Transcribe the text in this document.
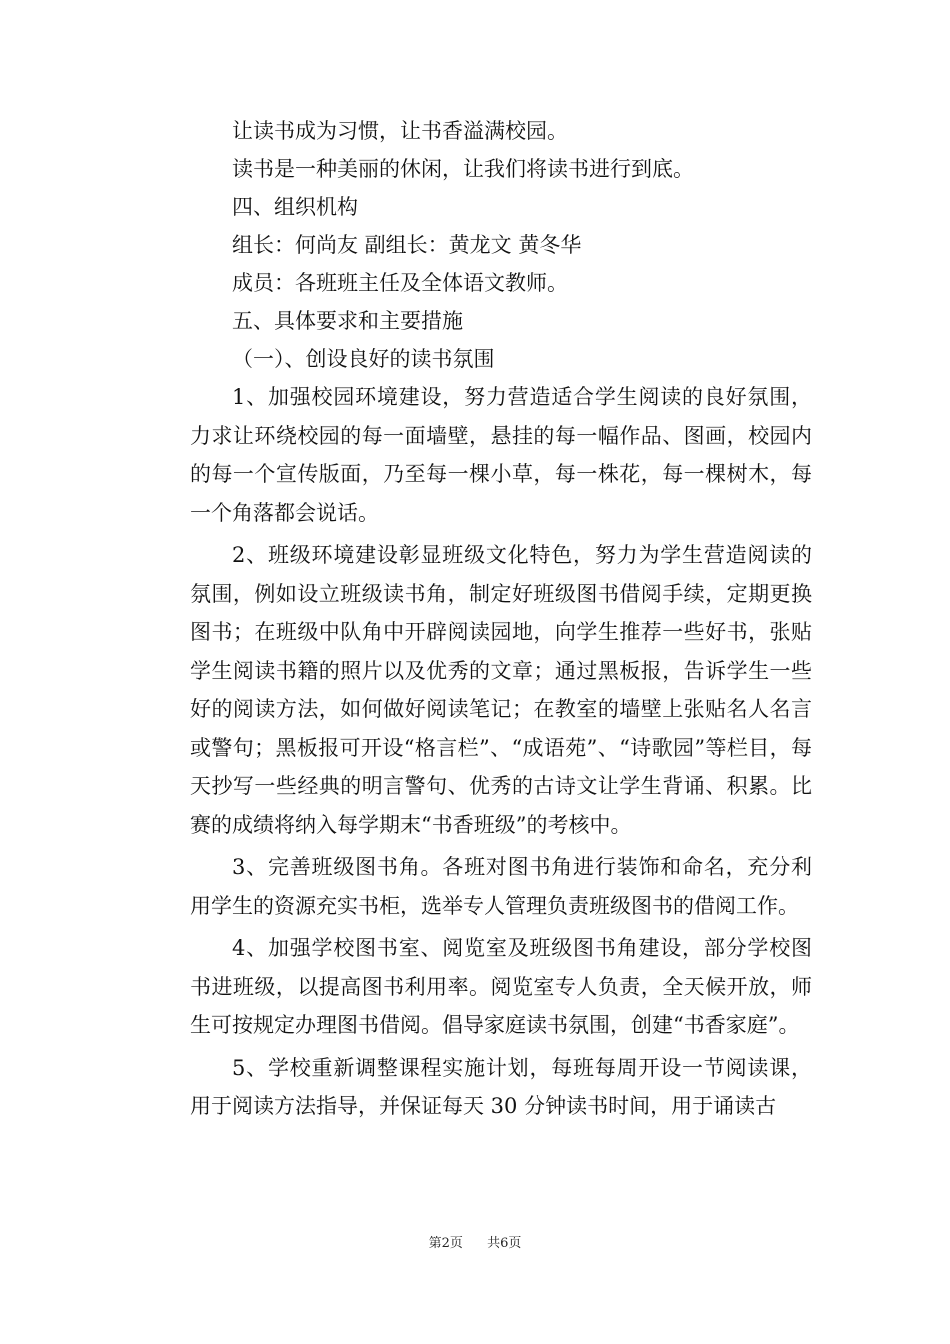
让读书成为习惯，让书香溢满校园。
读书是一种美丽的休闲，让我们将读书进行到底。
四、组织机构
组长：何尚友 副组长：黄龙文 黄冬华
成员：各班班主任及全体语文教师。
五、具体要求和主要措施
（一）、创设良好的读书氛围

1、加强校园环境建设，努力营造适合学生阅读的良好氛围，力求让环绕校园的每一面墙壁，悬挂的每一幅作品、图画，校园内的每一个宣传版面，乃至每一棵小草，每一株花，每一棵树木，每一个角落都会说话。

2、班级环境建设彰显班级文化特色，努力为学生营造阅读的氛围，例如设立班级读书角，制定好班级图书借阅手续，定期更换图书；在班级中队角中开辟阅读园地，向学生推荐一些好书，张贴学生阅读书籍的照片以及优秀的文章；通过黑板报，告诉学生一些好的阅读方法，如何做好阅读笔记；在教室的墙壁上张贴名人名言或警句；黑板报可开设“格言栏”、“成语苑”、“诗歌园”等栏目，每天抄写一些经典的明言警句、优秀的古诗文让学生背诵、积累。比赛的成绩将纳入每学期末“书香班级”的考核中。

3、完善班级图书角。各班对图书角进行装饰和命名，充分利用学生的资源充实书柜，选举专人管理负责班级图书的借阅工作。

4、加强学校图书室、阅览室及班级图书角建设，部分学校图书进班级，以提高图书利用率。阅览室专人负责，全天候开放，师生可按规定办理图书借阅。倡导家庭读书氛围，创建“书香家庭”。

5、学校重新调整课程实施计划，每班每周开设一节阅读课，用于阅读方法指导，并保证每天 30 分钟读书时间，用于诵读古

第2页 共6页
